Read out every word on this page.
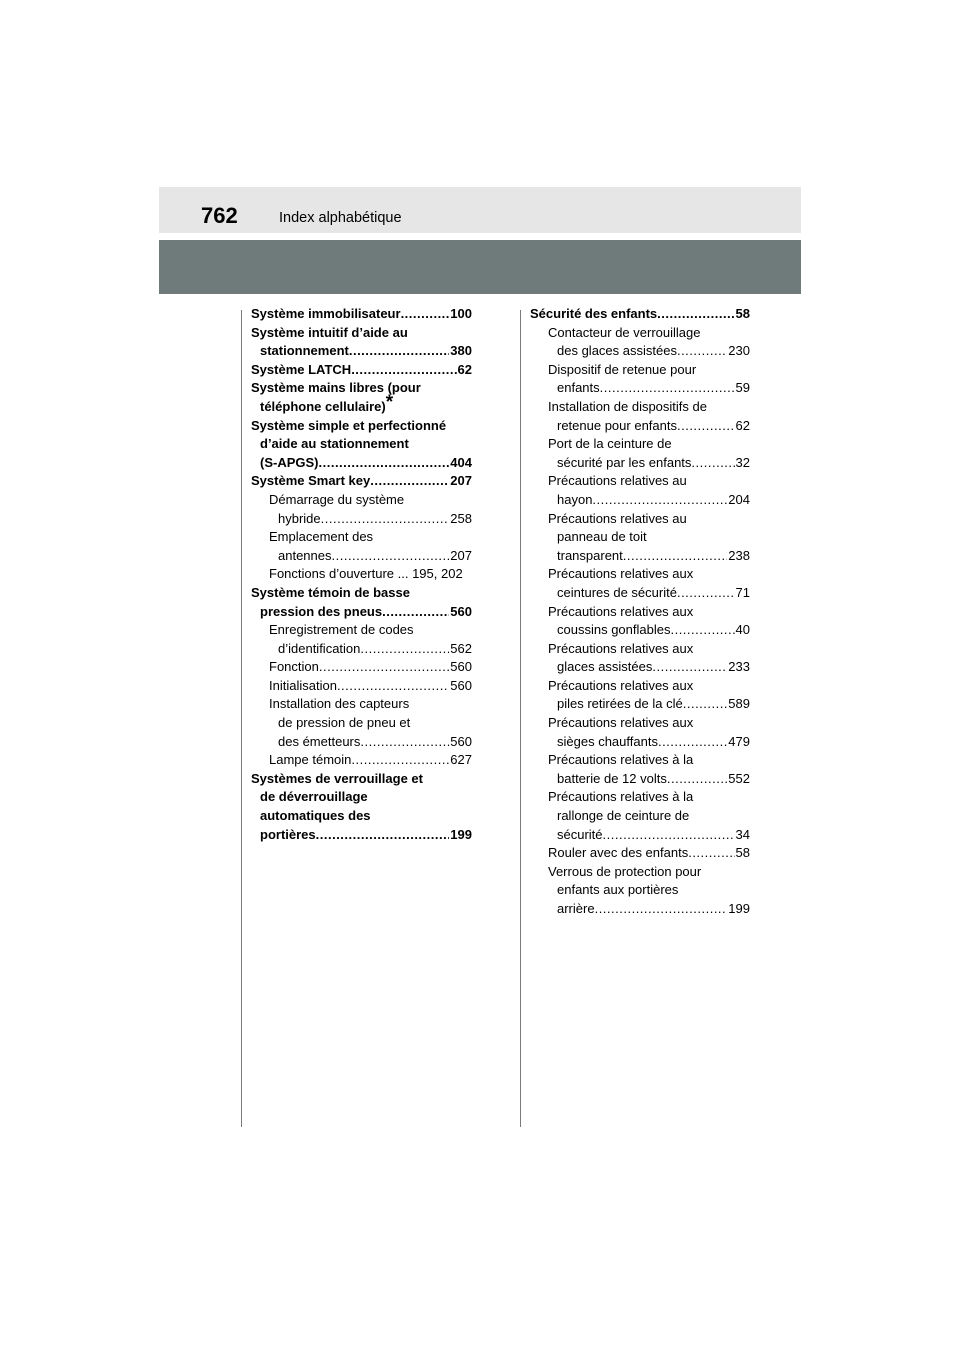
762	Index alphabétique
Système immobilisateur .....	100
Système intuitif d’aide au
stationnement .....	380
Système LATCH .....	62
Système mains libres (pour
téléphone cellulaire) *
Système simple et perfectionné
d’aide au stationnement
(S-APGS) .....	404
Système Smart key .....	207
Démarrage du système
hybride .....	258
Emplacement des
antennes .....	207
Fonctions d’ouverture ... 195, 202
Système témoin de basse
pression des pneus .....	560
Enregistrement de codes
d’identification .....	562
Fonction .....	560
Initialisation .....	560
Installation des capteurs
de pression de pneu et
des émetteurs .....	560
Lampe témoin .....	627
Systèmes de verrouillage et
de déverrouillage
automatiques des
portières .....	199
Sécurité des enfants .....	58
Contacteur de verrouillage
des glaces assistées .....	230
Dispositif de retenue pour
enfants .....	59
Installation de dispositifs de
retenue pour enfants .....	62
Port de la ceinture de
sécurité par les enfants .....	32
Précautions relatives au
hayon .....	204
Précautions relatives au
panneau de toit
transparent .....	238
Précautions relatives aux
ceintures de sécurité .....	71
Précautions relatives aux
coussins gonflables .....	40
Précautions relatives aux
glaces assistées .....	233
Précautions relatives aux
piles retirées de la clé .....	589
Précautions relatives aux
sièges chauffants .....	479
Précautions relatives à la
batterie de 12 volts .....	552
Précautions relatives à la
rallonge de ceinture de
sécurité .....	34
Rouler avec des enfants .....	58
Verrous de protection pour
enfants aux portières
arrière .....	199
